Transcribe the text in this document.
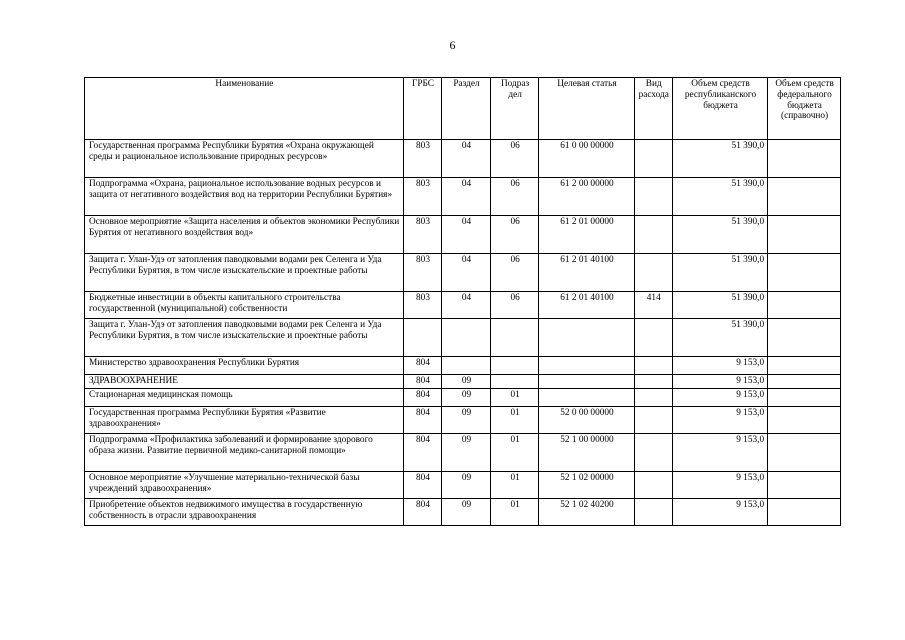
6
Наименование	ГРБС	Раздел	Подраз дел	Целевая статья	Вид расхода	Объем средств республиканского бюджета	Объем средств федерального бюджета (справочно)
Государственная программа Республики Бурятия «Охрана окружающей среды и рациональное использование природных ресурсов»	803	04	06	61 0 00 00000		51 390,0	
Подпрограмма «Охрана, рациональное использование водных ресурсов и защита от негативного воздействия вод на территории Республики Бурятия»	803	04	06	61 2 00 00000		51 390,0	
Основное мероприятие «Защита населения и объектов экономики Республики Бурятия от негативного воздействия вод»	803	04	06	61 2 01 00000		51 390,0	
Защита г. Улан-Удэ от затопления паводковыми водами рек Селенга и Уда Республики Бурятия, в том числе изыскательские и проектные работы	803	04	06	61 2 01 40100		51 390,0	
Бюджетные инвестиции в объекты капитального строительства государственной (муниципальной) собственности	803	04	06	61 2 01 40100	414	51 390,0	
Защита г. Улан-Удэ от затопления паводковыми водами рек Селенга и Уда Республики Бурятия, в том числе изыскательские и проектные работы						51 390,0	
Министерство здравоохранения Республики Бурятия	804					9 153,0	
ЗДРАВООХРАНЕНИЕ	804	09				9 153,0	
Стационарная медицинская помощь	804	09	01			9 153,0	
Государственная программа Республики Бурятия «Развитие здравоохранения»	804	09	01	52 0 00 00000		9 153,0	
Подпрограмма «Профилактика заболеваний и формирование здорового образа жизни. Развитие первичной медико-санитарной помощи»	804	09	01	52 1 00 00000		9 153,0	
Основное мероприятие «Улучшение материально-технической базы учреждений здравоохранения»	804	09	01	52 1 02 00000		9 153,0	
Приобретение объектов недвижимого имущества в государственную собственность в отрасли здравоохранения	804	09	01	52 1 02 40200		9 153,0	
